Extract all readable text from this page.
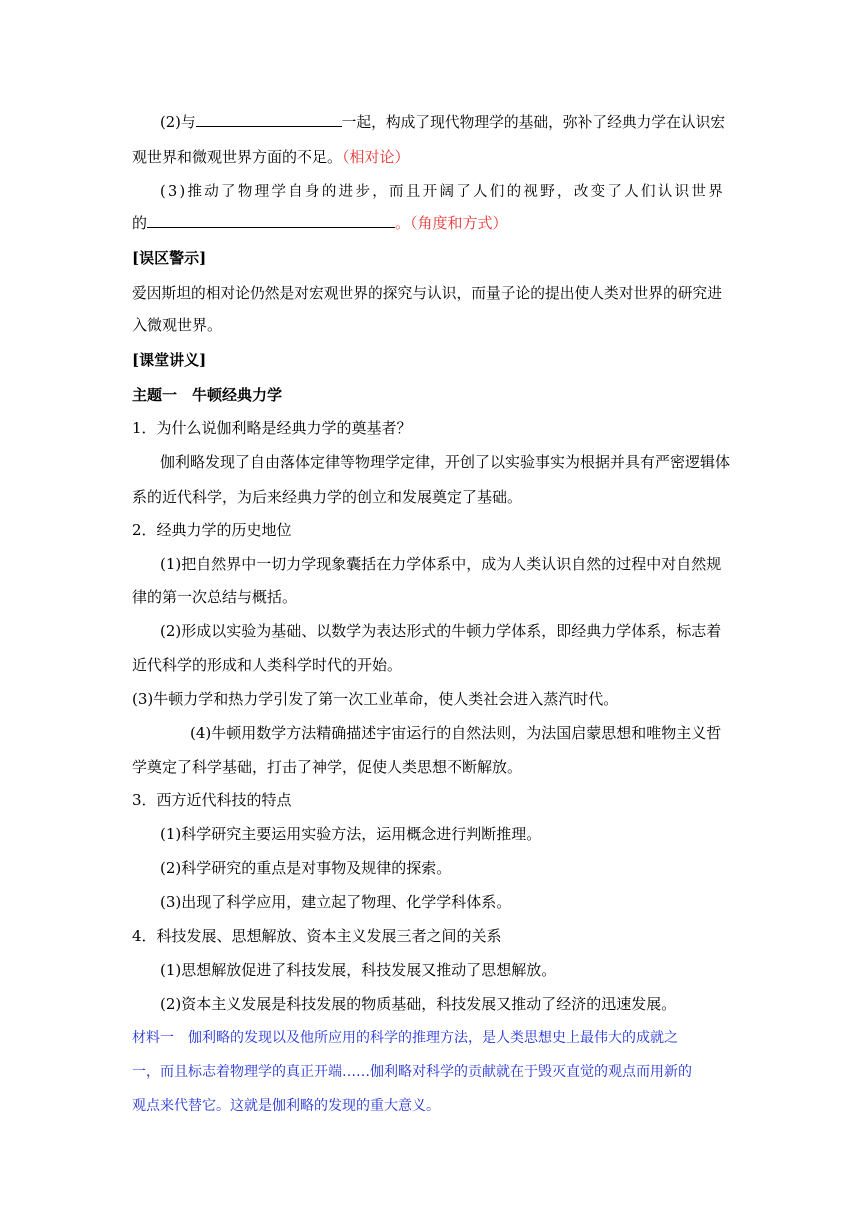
(2)与	一起，构成了现代物理学的基础，弥补了经典力学在认识宏
观世界和微观世界方面的不足。（相对论）
(3)推动了物理学自身的进步，而且开阔了人们的视野，改变了人们认识世界
的	。（角度和方式）
[误区警示]
爱因斯坦的相对论仍然是对宏观世界的探究与认识，而量子论的提出使人类对世界的研究进
入微观世界。
[课堂讲义]
主题一　牛顿经典力学
1．为什么说伽利略是经典力学的奠基者？
伽利略发现了自由落体定律等物理学定律，开创了以实验事实为根据并具有严密逻辑体
系的近代科学，为后来经典力学的创立和发展奠定了基础。
2．经典力学的历史地位
(1)把自然界中一切力学现象囊括在力学体系中，成为人类认识自然的过程中对自然规
律的第一次总结与概括。
(2)形成以实验为基础、以数学为表达形式的牛顿力学体系，即经典力学体系，标志着
近代科学的形成和人类科学时代的开始。
(3)牛顿力学和热力学引发了第一次工业革命，使人类社会进入蒸汽时代。
(4)牛顿用数学方法精确描述宇宙运行的自然法则，为法国启蒙思想和唯物主义哲
学奠定了科学基础，打击了神学，促使人类思想不断解放。
3．西方近代科技的特点
(1)科学研究主要运用实验方法，运用概念进行判断推理。
(2)科学研究的重点是对事物及规律的探索。
(3)出现了科学应用，建立起了物理、化学学科体系。
4．科技发展、思想解放、资本主义发展三者之间的关系
(1)思想解放促进了科技发展，科技发展又推动了思想解放。
(2)资本主义发展是科技发展的物质基础，科技发展又推动了经济的迅速发展。
材料一　伽利略的发现以及他所应用的科学的推理方法，是人类思想史上最伟大的成就之
一，而且标志着物理学的真正开端……伽利略对科学的贡献就在于毁灭直觉的观点而用新的
观点来代替它。这就是伽利略的发现的重大意义。
